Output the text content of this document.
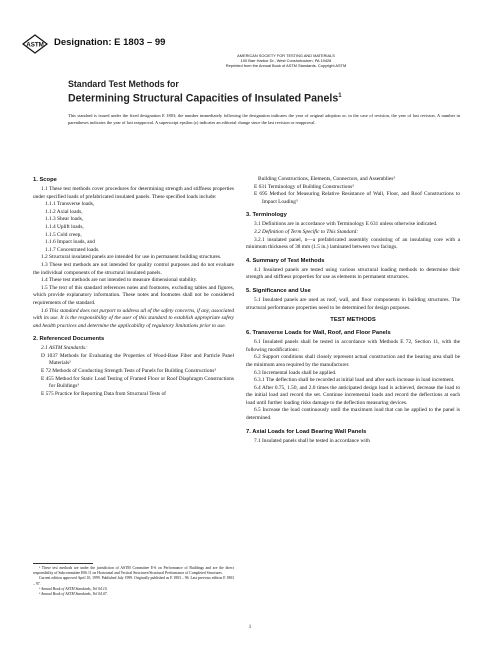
ASTM Designation: E 1803 – 99
AMERICAN SOCIETY FOR TESTING AND MATERIALS
100 Barr Harbor Dr., West Conshohocken, PA 19428
Reprinted from the Annual Book of ASTM Standards. Copyright ASTM
Standard Test Methods for
Determining Structural Capacities of Insulated Panels$^1$
This standard is issued under the fixed designation E 1803; the number immediately following the designation indicates the year of original adoption or, in the case of revision, the year of last revision. A number in parentheses indicates the year of last reapproval. A superscript epsilon (ε) indicates an editorial change since the last revision or reapproval.
1. Scope

1.1 These test methods cover procedures for determining strength and stiffness properties under specified loads of prefabricated insulated panels. These specified loads include:

1.1.1 Transverse loads,

1.1.2 Axial loads,

1.1.3 Shear loads,

1.1.4 Uplift loads,

1.1.5 Cold creep,

1.1.6 Impact loads, and

1.1.7 Concentrated loads.

1.2 Structural insulated panels are intended for use in permanent building structures.

1.3 These test methods are not intended for quality control purposes and do not evaluate the individual components of the structural insulated panels.

1.4 These test methods are not intended to measure dimensional stability.

1.5 The text of this standard references notes and footnotes, excluding tables and figures, which provide explanatory information. These notes and footnotes shall not be considered requirements of the standard.

1.6 This standard does not purport to address all of the safety concerns, if any, associated with its use. It is the responsibility of the user of this standard to establish appropriate safety and health practices and determine the applicability of regulatory limitations prior to use.

2. Referenced Documents

2.1 ASTM Standards:

D 1037 Methods for Evaluating the Properties of Wood-Base Fiber and Particle Panel Materials²

E 72 Methods of Conducting Strength Tests of Panels for Building Constructions³

E 455 Method for Static Load Testing of Framed Floor or Roof Diaphragm Constructions for Buildings³

E 575 Practice for Reporting Data from Structural Tests of

¹ These test methods are under the jurisdiction of ASTM Committee E-6 on Performance of Buildings and are the direct responsibility of Subcommittee E06.11 on Horizontal and Vertical Structures/Structural Performance of Completed Structures.

Current edition approved April 10, 1999. Published July 1999. Originally published as E 1803 – 96. Last previous edition E 1803 – 97.

² Annual Book of ASTM Standards, Vol 04.10.

³ Annual Book of ASTM Standards, Vol 04.07.

Building Constructions, Elements, Connectors, and Assemblies³

E 631 Terminology of Building Constructions³

E 695 Method for Measuring Relative Resistance of Wall, Floor, and Roof Constructions to Impact Loading³

3. Terminology

3.1 Definitions are in accordance with Terminology E 631 unless otherwise indicated.

3.2 Definition of Term Specific to This Standard:

3.2.1 insulated panel, n—a prefabricated assembly consisting of an insulating core with a minimum thickness of 38 mm (1.5 in.) laminated between two facings.

4. Summary of Test Methods

4.1 Insulated panels are tested using various structural loading methods to determine their strength and stiffness properties for use as elements in permanent structures.

5. Significance and Use

5.1 Insulated panels are used as roof, wall, and floor components in building structures. The structural performance properties need to be determined for design purposes.

TEST METHODS
6. Transverse Loads for Wall, Roof, and Floor Panels

6.1 Insulated panels shall be tested in accordance with Methods E 72, Section 11, with the following modifications:

6.2 Support conditions shall closely represent actual construction and the bearing area shall be the minimum area required by the manufacturer.

6.3 Incremental loads shall be applied.

6.3.1 The deflection shall be recorded at initial load and after each increase in load increment.

6.4 After 0.75, 1.50, and 2.0 times the anticipated design load is achieved, decrease the load to the initial load and record the set. Continue incremental loads and record the deflections at each load until further loading risks damage to the deflection measuring devices.

6.5 Increase the load continuously until the maximum load that can be applied to the panel is determined.

7. Axial Loads for Load Bearing Wall Panels

7.1 Insulated panels shall be tested in accordance with

1
